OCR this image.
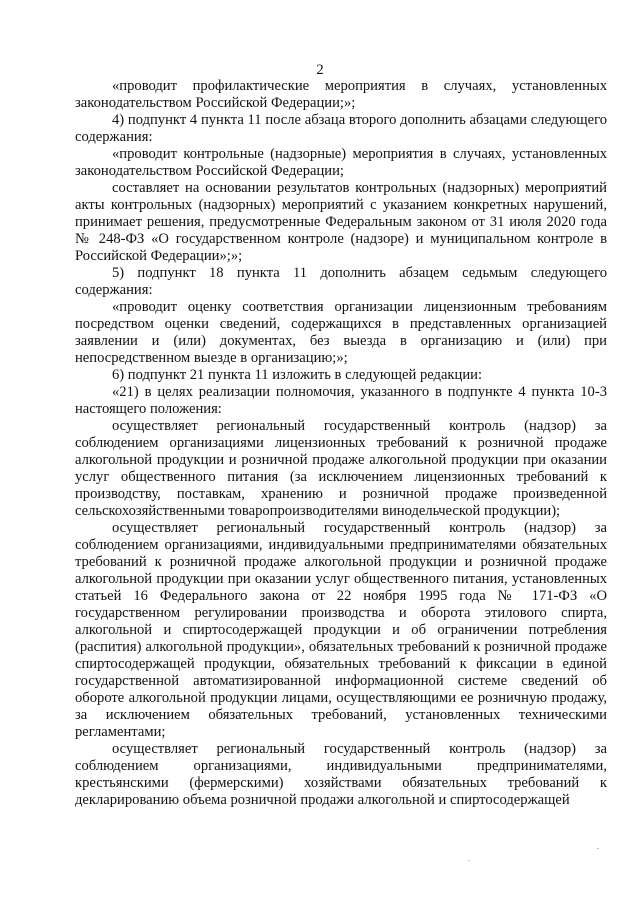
2

«проводит профилактические мероприятия в случаях, установленных законодательством Российской Федерации;»;

4) подпункт 4 пункта 11 после абзаца второго дополнить абзацами следующего содержания:

«проводит контрольные (надзорные) мероприятия в случаях, установленных законодательством Российской Федерации;

составляет на основании результатов контрольных (надзорных) мероприятий акты контрольных (надзорных) мероприятий с указанием конкретных нарушений, принимает решения, предусмотренные Федеральным законом от 31 июля 2020 года № 248-ФЗ «О государственном контроле (надзоре) и муниципальном контроле в Российской Федерации»;»;

5) подпункт 18 пункта 11 дополнить абзацем седьмым следующего содержания:

«проводит оценку соответствия организации лицензионным требованиям посредством оценки сведений, содержащихся в представленных организацией заявлении и (или) документах, без выезда в организацию и (или) при непосредственном выезде в организацию;»;

6) подпункт 21 пункта 11 изложить в следующей редакции:

«21) в целях реализации полномочия, указанного в подпункте 4 пункта 10-3 настоящего положения:

осуществляет региональный государственный контроль (надзор) за соблюдением организациями лицензионных требований к розничной продаже алкогольной продукции и розничной продаже алкогольной продукции при оказании услуг общественного питания (за исключением лицензионных требований к производству, поставкам, хранению и розничной продаже произведенной сельскохозяйственными товаропроизводителями винодельческой продукции);

осуществляет региональный государственный контроль (надзор) за соблюдением организациями, индивидуальными предпринимателями обязательных требований к розничной продаже алкогольной продукции и розничной продаже алкогольной продукции при оказании услуг общественного питания, установленных статьей 16 Федерального закона от 22 ноября 1995 года № 171-ФЗ «О государственном регулировании производства и оборота этилового спирта, алкогольной и спиртосодержащей продукции и об ограничении потребления (распития) алкогольной продукции», обязательных требований к розничной продаже спиртосодержащей продукции, обязательных требований к фиксации в единой государственной автоматизированной информационной системе сведений об обороте алкогольной продукции лицами, осуществляющими ее розничную продажу, за исключением обязательных требований, установленных техническими регламентами;

осуществляет региональный государственный контроль (надзор) за соблюдением организациями, индивидуальными предпринимателями, крестьянскими (фермерскими) хозяйствами обязательных требований к декларированию объема розничной продажи алкогольной и спиртосодержащей
